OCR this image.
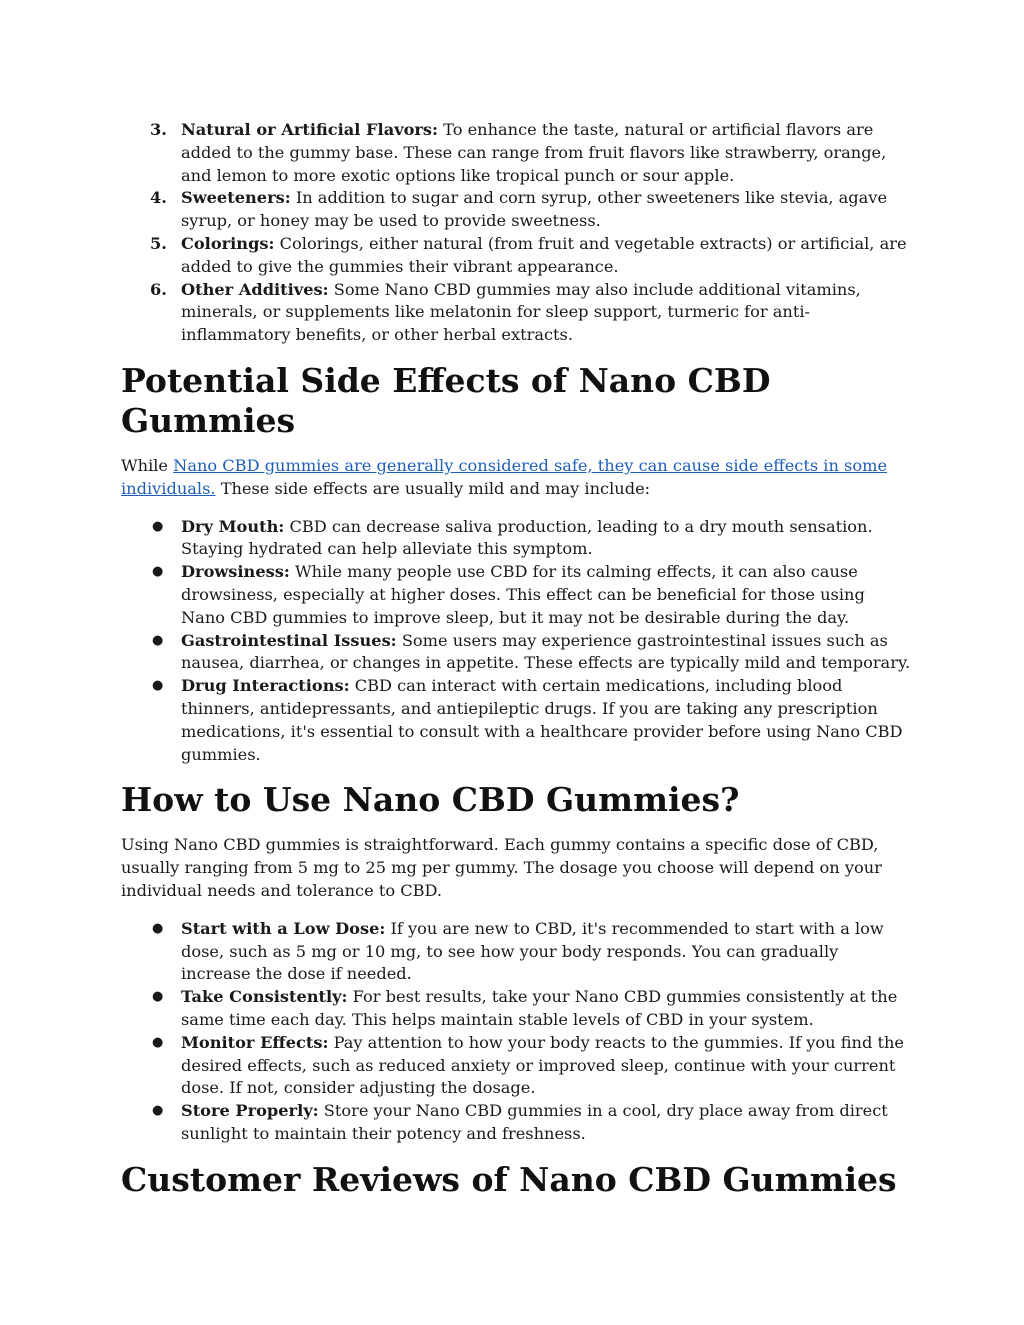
3. Natural or Artificial Flavors: To enhance the taste, natural or artificial flavors are added to the gummy base. These can range from fruit flavors like strawberry, orange, and lemon to more exotic options like tropical punch or sour apple.
4. Sweeteners: In addition to sugar and corn syrup, other sweeteners like stevia, agave syrup, or honey may be used to provide sweetness.
5. Colorings: Colorings, either natural (from fruit and vegetable extracts) or artificial, are added to give the gummies their vibrant appearance.
6. Other Additives: Some Nano CBD gummies may also include additional vitamins, minerals, or supplements like melatonin for sleep support, turmeric for anti-inflammatory benefits, or other herbal extracts.
Potential Side Effects of Nano CBD Gummies

While Nano CBD gummies are generally considered safe, they can cause side effects in some individuals. These side effects are usually mild and may include:

● Dry Mouth: CBD can decrease saliva production, leading to a dry mouth sensation. Staying hydrated can help alleviate this symptom.
● Drowsiness: While many people use CBD for its calming effects, it can also cause drowsiness, especially at higher doses. This effect can be beneficial for those using Nano CBD gummies to improve sleep, but it may not be desirable during the day.
● Gastrointestinal Issues: Some users may experience gastrointestinal issues such as nausea, diarrhea, or changes in appetite. These effects are typically mild and temporary.
● Drug Interactions: CBD can interact with certain medications, including blood thinners, antidepressants, and antiepileptic drugs. If you are taking any prescription medications, it's essential to consult with a healthcare provider before using Nano CBD gummies.
How to Use Nano CBD Gummies?

Using Nano CBD gummies is straightforward. Each gummy contains a specific dose of CBD, usually ranging from 5 mg to 25 mg per gummy. The dosage you choose will depend on your individual needs and tolerance to CBD.

● Start with a Low Dose: If you are new to CBD, it's recommended to start with a low dose, such as 5 mg or 10 mg, to see how your body responds. You can gradually increase the dose if needed.
● Take Consistently: For best results, take your Nano CBD gummies consistently at the same time each day. This helps maintain stable levels of CBD in your system.
● Monitor Effects: Pay attention to how your body reacts to the gummies. If you find the desired effects, such as reduced anxiety or improved sleep, continue with your current dose. If not, consider adjusting the dosage.
● Store Properly: Store your Nano CBD gummies in a cool, dry place away from direct sunlight to maintain their potency and freshness.
Customer Reviews of Nano CBD Gummies
